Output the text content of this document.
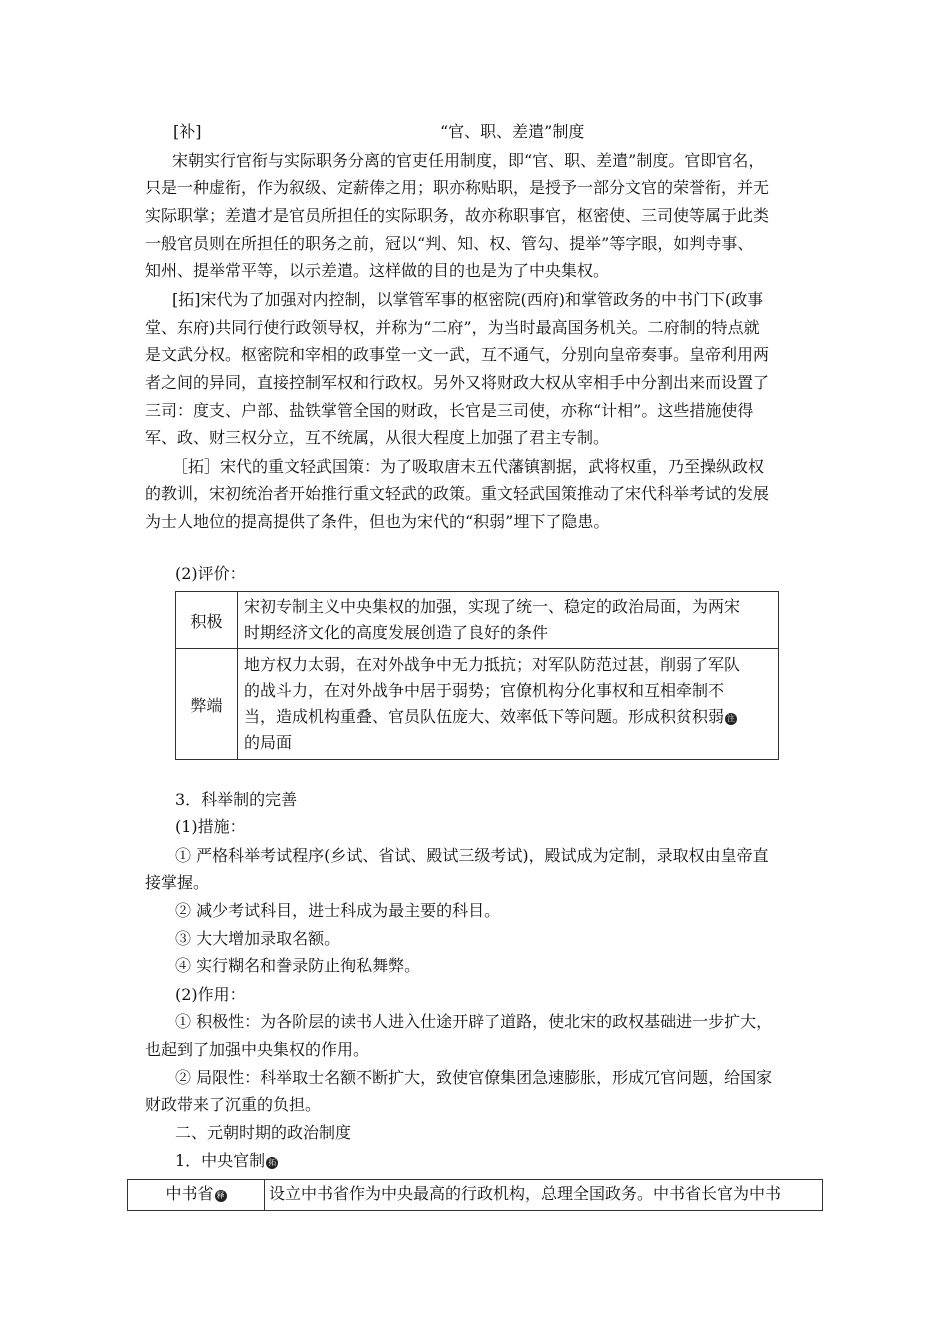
[补]	“官、职、差遣”制度
宋朝实行官衔与实际职务分离的官吏任用制度，即“官、职、差遣”制度。官即官名，
只是一种虚衔，作为叙级、定薪俸之用；职亦称贴职，是授予一部分文官的荣誉衔，并无
实际职掌；差遣才是官员所担任的实际职务，故亦称职事官，枢密使、三司使等属于此类
一般官员则在所担任的职务之前，冠以“判、知、权、管勾、提举”等字眼，如判寺事、
知州、提举常平等，以示差遣。这样做的目的也是为了中央集权。
[拓]宋代为了加强对内控制，以掌管军事的枢密院(西府)和掌管政务的中书门下(政事
堂、东府)共同行使行政领导权，并称为“二府”，为当时最高国务机关。二府制的特点就
是文武分权。枢密院和宰相的政事堂一文一武，互不通气，分别向皇帝奏事。皇帝利用两
者之间的异同，直接控制军权和行政权。另外又将财政大权从宰相手中分割出来而设置了
三司：度支、户部、盐铁掌管全国的财政，长官是三司使，亦称“计相”。这些措施使得
军、政、财三权分立，互不统属，从很大程度上加强了君主专制。
［拓］宋代的重文轻武国策：为了吸取唐末五代藩镇割据，武将权重，乃至操纵政权
的教训，宋初统治者开始推行重文轻武的政策。重文轻武国策推动了宋代科举考试的发展
为士人地位的提高提供了条件，但也为宋代的“积弱”埋下了隐患。
(2)评价：
积极	宋初专制主义中央集权的加强，实现了统一、稳定的政治局面，为两宋
时期经济文化的高度发展创造了良好的条件

弊端	地方权力太弱，在对外战争中无力抵抗；对军队防范过甚，削弱了军队
的战斗力，在对外战争中居于弱势；官僚机构分化事权和互相牵制不
当，造成机构重叠、官员队伍庞大、效率低下等问题。形成积贫积弱 注
的局面
3．科举制的完善
(1)措施：
① 严格科举考试程序(乡试、省试、殿试三级考试)，殿试成为定制，录取权由皇帝直
接掌握。
② 减少考试科目，进士科成为最主要的科目。
③ 大大增加录取名额。
④ 实行糊名和誊录防止徇私舞弊。
(2)作用：
① 积极性：为各阶层的读书人进入仕途开辟了道路，使北宋的政权基础进一步扩大，
也起到了加强中央集权的作用。
② 局限性：科举取士名额不断扩大，致使官僚集团急速膨胀，形成冗官问题，给国家
财政带来了沉重的负担。
二、元朝时期的政治制度
1．中央官制 拓
中书省 释	设立中书省作为中央最高的行政机构，总理全国政务。中书省长官为中书
